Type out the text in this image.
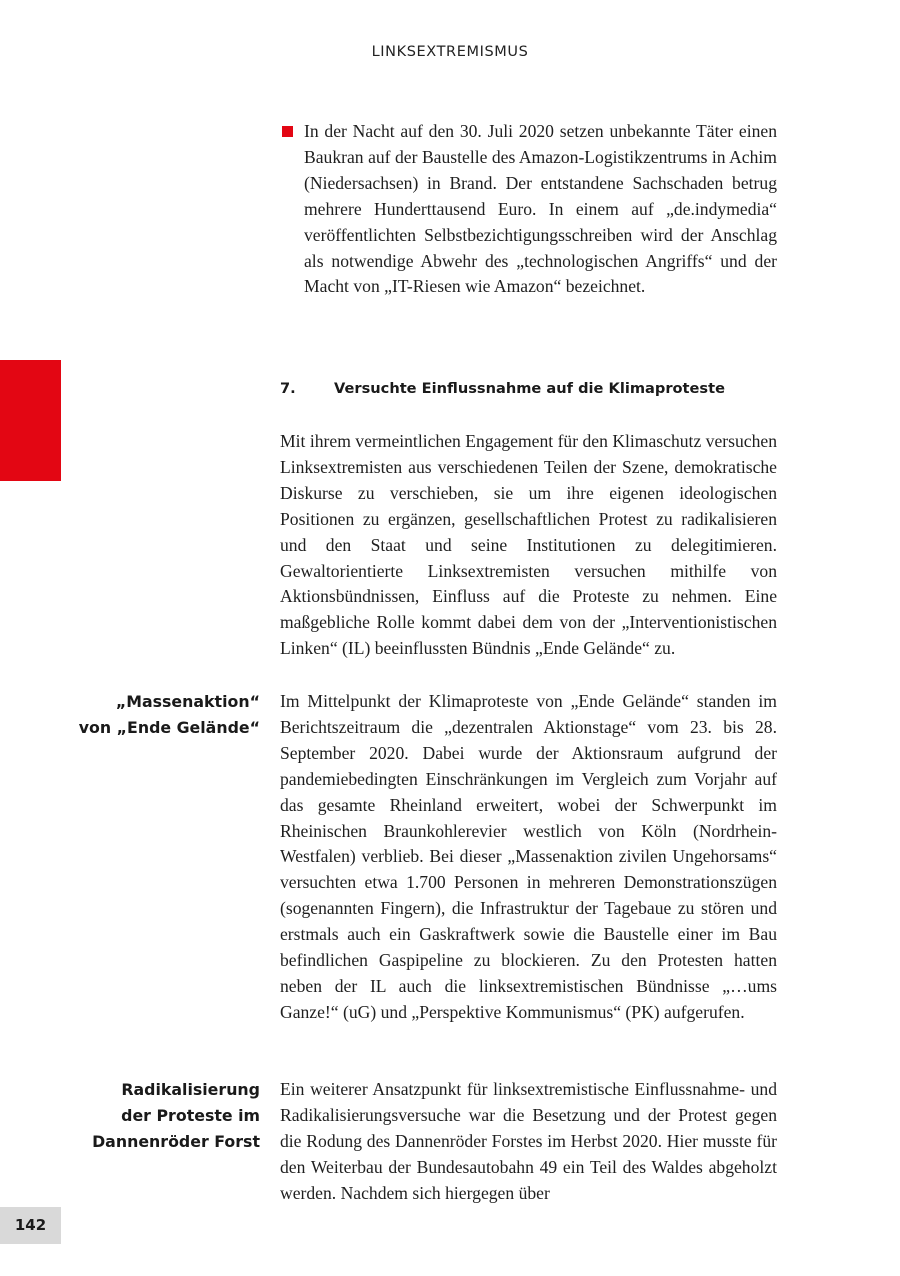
LINKSEXTREMISMUS
In der Nacht auf den 30. Juli 2020 setzen unbekannte Täter einen Baukran auf der Baustelle des Amazon-Logistikzentrums in Achim (Niedersachsen) in Brand. Der entstandene Sachschaden betrug mehrere Hunderttausend Euro. In einem auf „de.indymedia“ veröffentlichten Selbstbezichtigungsschreiben wird der Anschlag als notwendige Abwehr des „technologischen Angriffs“ und der Macht von „IT-Riesen wie Amazon“ bezeichnet.
7.	Versuchte Einflussnahme auf die Klimaproteste

Mit ihrem vermeintlichen Engagement für den Klimaschutz versuchen Linksextremisten aus verschiedenen Teilen der Szene, demokratische Diskurse zu verschieben, sie um ihre eigenen ideologischen Positionen zu ergänzen, gesellschaftlichen Protest zu radikalisieren und den Staat und seine Institutionen zu delegitimieren. Gewaltorientierte Linksextremisten versuchen mithilfe von Aktionsbündnissen, Einfluss auf die Proteste zu nehmen. Eine maßgebliche Rolle kommt dabei dem von der „Interventionistischen Linken“ (IL) beeinflussten Bündnis „Ende Gelände“ zu.

„Massenaktion“
von „Ende Gelände“

Im Mittelpunkt der Klimaproteste von „Ende Gelände“ standen im Berichtszeitraum die „dezentralen Aktionstage“ vom 23. bis 28. September 2020. Dabei wurde der Aktionsraum aufgrund der pandemiebedingten Einschränkungen im Vergleich zum Vorjahr auf das gesamte Rheinland erweitert, wobei der Schwerpunkt im Rheinischen Braunkohlerevier westlich von Köln (Nordrhein-Westfalen) verblieb. Bei dieser „Massenaktion zivilen Ungehorsams“ versuchten etwa 1.700 Personen in mehreren Demonstrationszügen (sogenannten Fingern), die Infrastruktur der Tagebaue zu stören und erstmals auch ein Gaskraftwerk sowie die Baustelle einer im Bau befindlichen Gaspipeline zu blockieren. Zu den Protesten hatten neben der IL auch die linksextremistischen Bündnisse „…ums Ganze!“ (uG) und „Perspektive Kommunismus“ (PK) aufgerufen.

Radikalisierung
der Proteste im
Dannenröder Forst

Ein weiterer Ansatzpunkt für linksextremistische Einflussnahme- und Radikalisierungsversuche war die Besetzung und der Protest gegen die Rodung des Dannenröder Forstes im Herbst 2020. Hier musste für den Weiterbau der Bundesautobahn 49 ein Teil des Waldes abgeholzt werden. Nachdem sich hiergegen über

142
